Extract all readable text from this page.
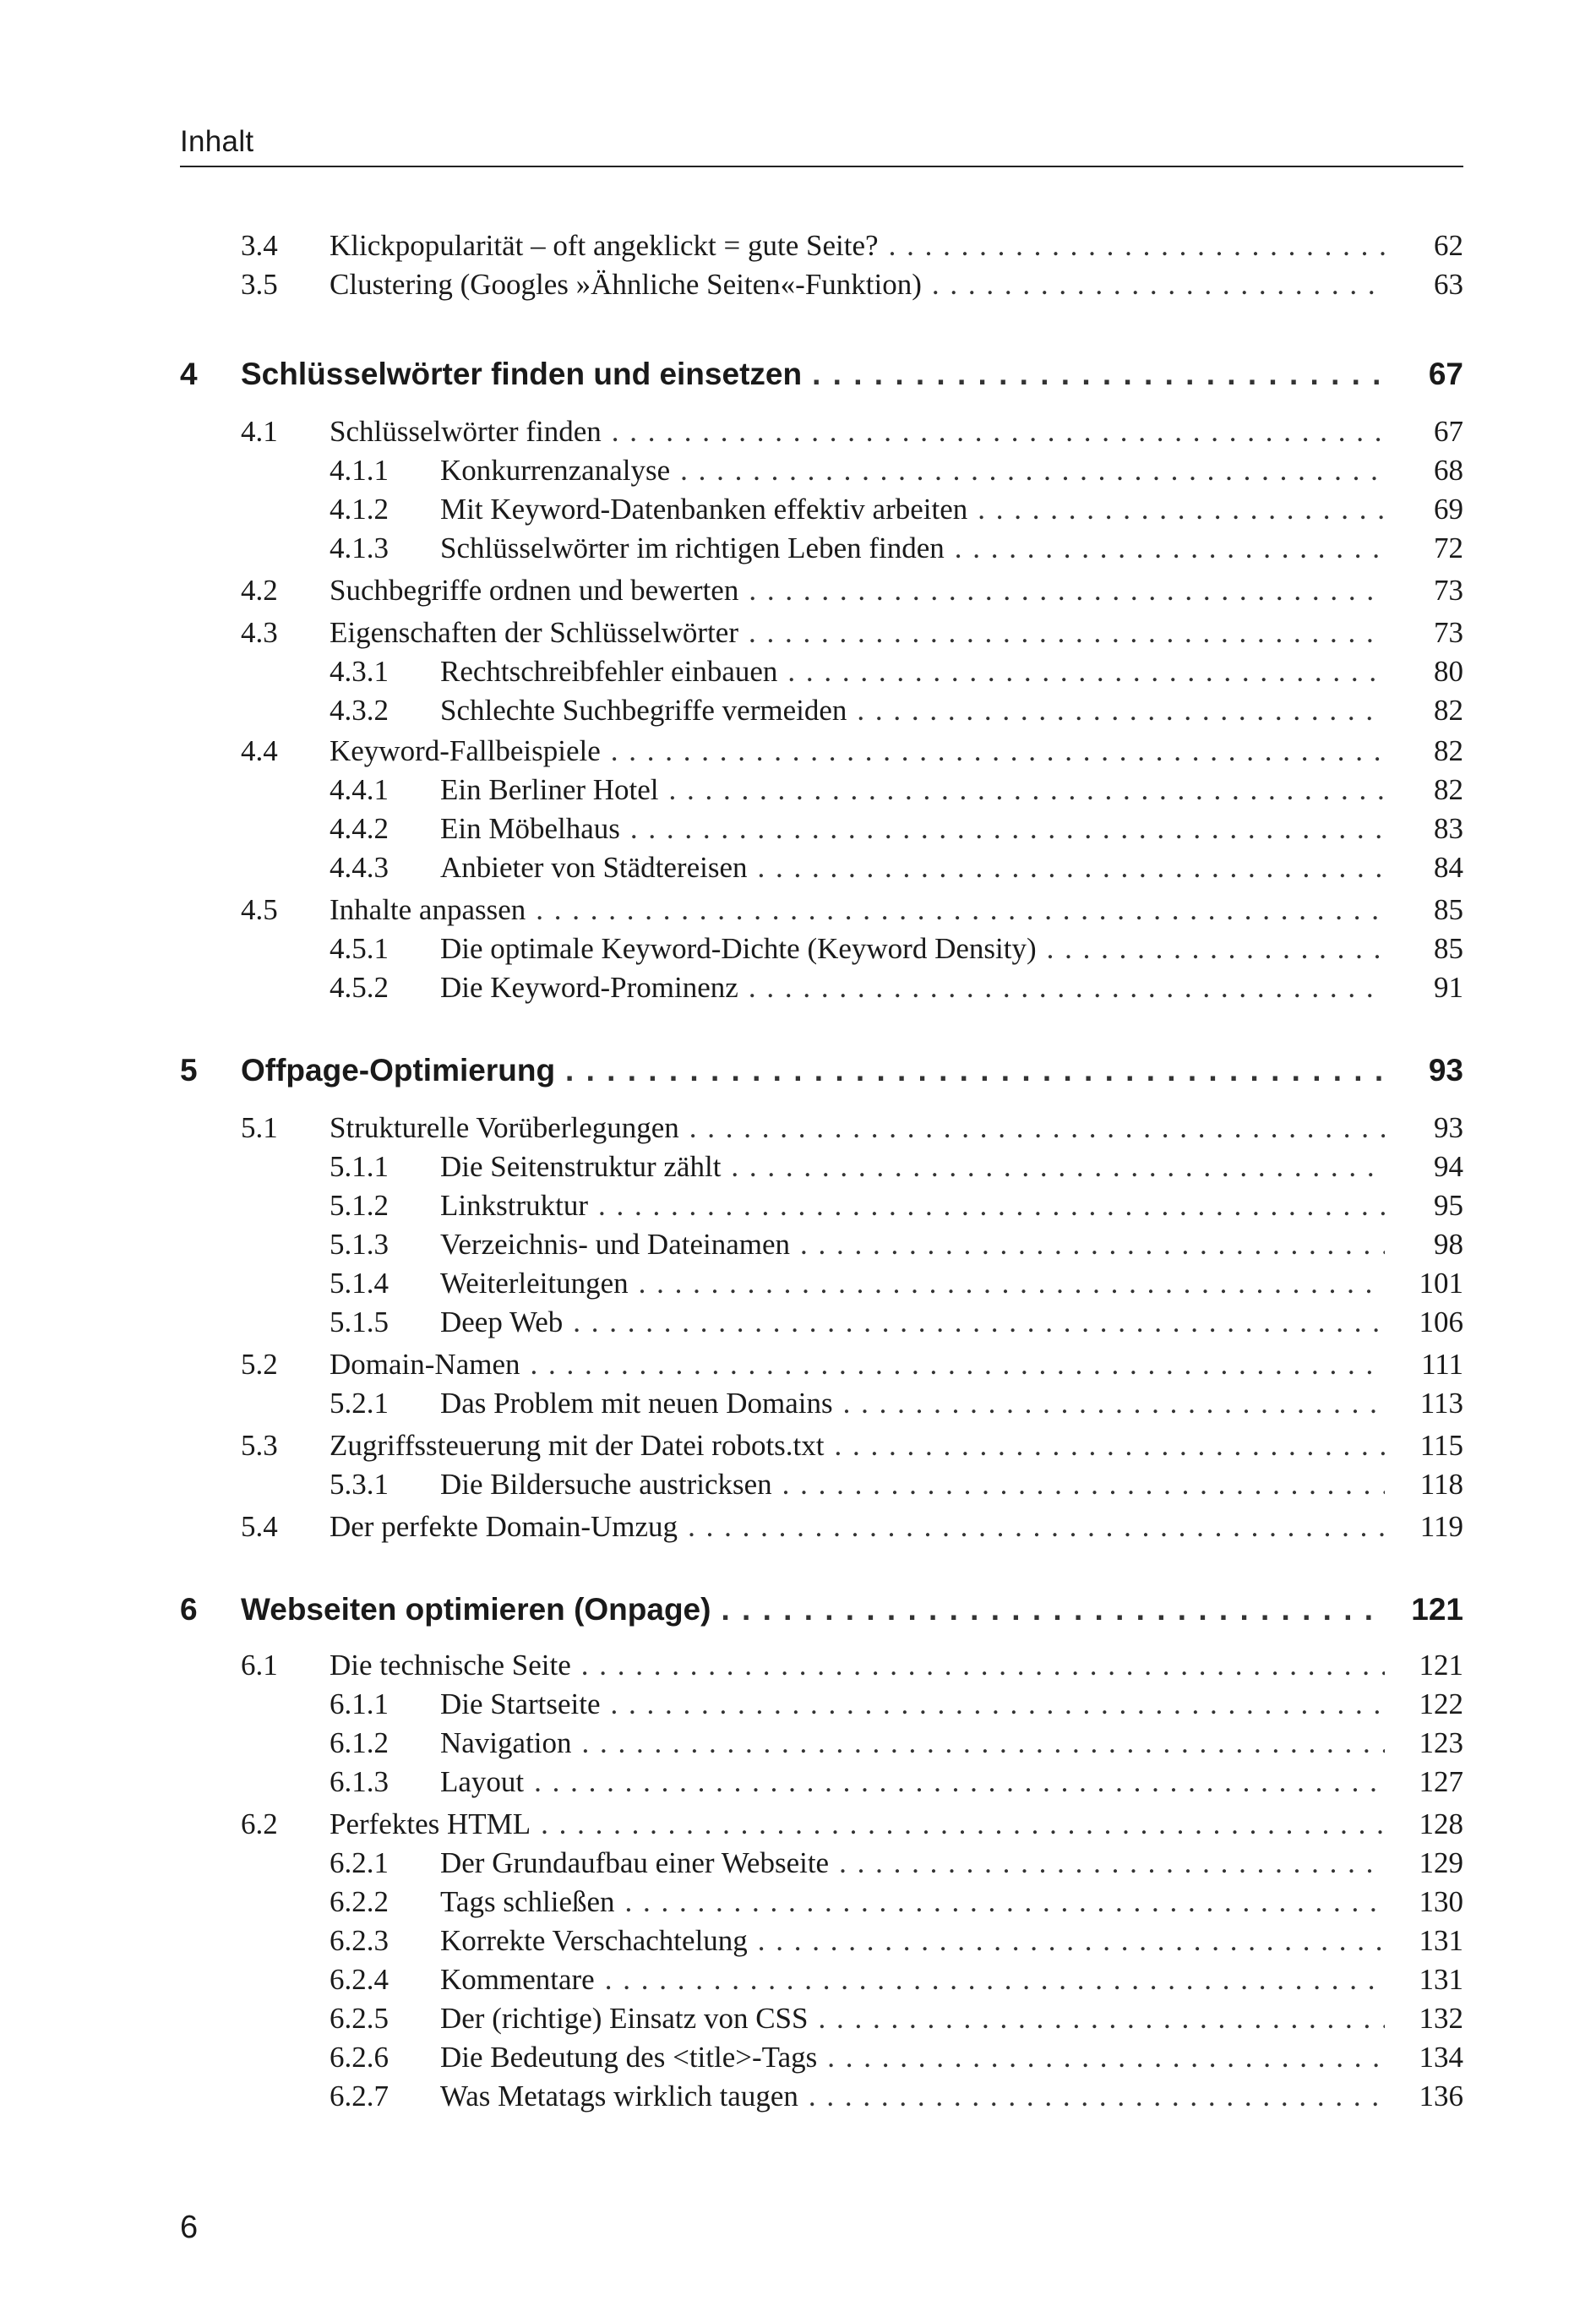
Inhalt
3.4 Klickpopularität – oft angeklickt = gute Seite? . . .	62
3.5 Clustering (Googles »Ähnliche Seiten«-Funktion) . . .	63
4 Schlüsselwörter finden und einsetzen . . .	67
4.1 Schlüsselwörter finden . . .	67
4.1.1 Konkurrenzanalyse . . .	68
4.1.2 Mit Keyword-Datenbanken effektiv arbeiten . . .	69
4.1.3 Schlüsselwörter im richtigen Leben finden . . .	72
4.2 Suchbegriffe ordnen und bewerten . . .	73
4.3 Eigenschaften der Schlüsselwörter . . .	73
4.3.1 Rechtschreibfehler einbauen . . .	80
4.3.2 Schlechte Suchbegriffe vermeiden . . .	82
4.4 Keyword-Fallbeispiele . . .	82
4.4.1 Ein Berliner Hotel . . .	82
4.4.2 Ein Möbelhaus . . .	83
4.4.3 Anbieter von Städtereisen . . .	84
4.5 Inhalte anpassen . . .	85
4.5.1 Die optimale Keyword-Dichte (Keyword Density) . . .	85
4.5.2 Die Keyword-Prominenz . . .	91
5 Offpage-Optimierung . . .	93
5.1 Strukturelle Vorüberlegungen . . .	93
5.1.1 Die Seitenstruktur zählt . . .	94
5.1.2 Linkstruktur . . .	95
5.1.3 Verzeichnis- und Dateinamen . . .	98
5.1.4 Weiterleitungen . . .	101
5.1.5 Deep Web . . .	106
5.2 Domain-Namen . . .	111
5.2.1 Das Problem mit neuen Domains . . .	113
5.3 Zugriffssteuerung mit der Datei robots.txt . . .	115
5.3.1 Die Bildersuche austricksen . . .	118
5.4 Der perfekte Domain-Umzug . . .	119
6 Webseiten optimieren (Onpage) . . .	121
6.1 Die technische Seite . . .	121
6.1.1 Die Startseite . . .	122
6.1.2 Navigation . . .	123
6.1.3 Layout . . .	127
6.2 Perfektes HTML . . .	128
6.2.1 Der Grundaufbau einer Webseite . . .	129
6.2.2 Tags schließen . . .	130
6.2.3 Korrekte Verschachtelung . . .	131
6.2.4 Kommentare . . .	131
6.2.5 Der (richtige) Einsatz von CSS . . .	132
6.2.6 Die Bedeutung des <title>-Tags . . .	134
6.2.7 Was Metatags wirklich taugen . . .	136
6
